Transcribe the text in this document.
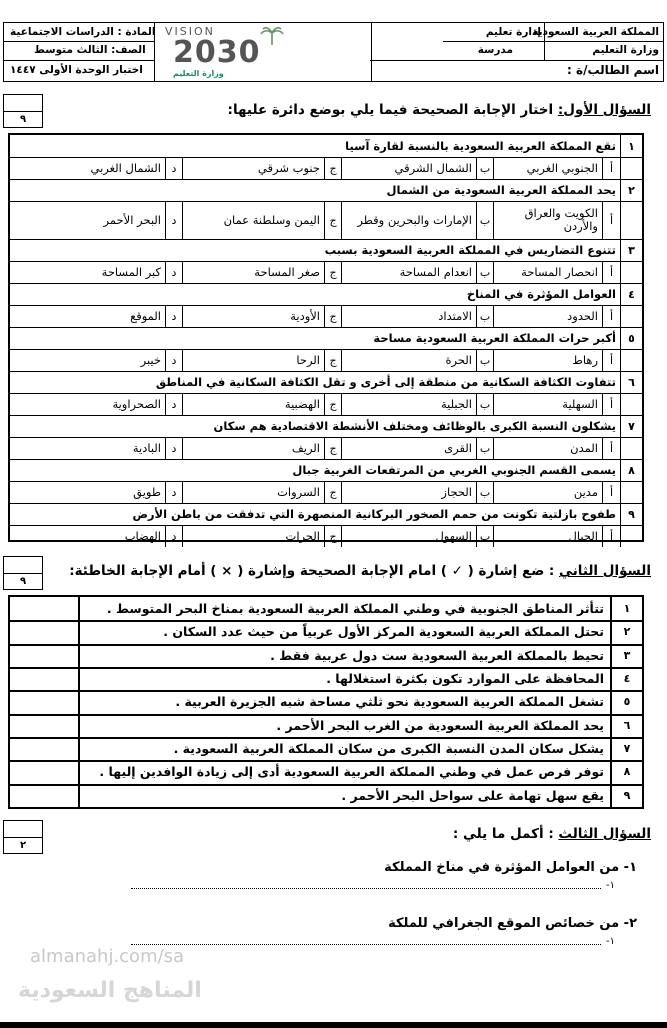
المملكة العربية السعودية
وزارة التعليم
اسم الطالب/ة :
إدارة تعليم
مدرسة
VISION
2030
وزارة التعليم
المادة : الدراسات الاجتماعية
الصف: الثالث متوسط
اختبار الوحدة الأولى ١٤٤٧
٩
السؤال الأول: اختار الإجابة الصحيحة فيما يلي بوضع دائرة عليها:
١
تقع المملكة العربية السعودية بالنسبة لقارة آسيا
أ
الجنوبي الغربي
ب
الشمال الشرقي
ج
جنوب شرقي
د
الشمال الغربي
٢
يحد المملكة العربية السعودية من الشمال
أ
الكويت والعراق والأردن
ب
الإمارات والبحرين وقطر
ج
اليمن وسلطنة عمان
د
البحر الأحمر
٣
تتنوع التضاريس في المملكة العربية السعودية بسبب
أ
انحصار المساحة
ب
انعدام المساحة
ج
صغر المساحة
د
كبر المساحة
٤
العوامل المؤثرة في المناخ
أ
الحدود
ب
الامتداد
ج
الأودية
د
الموقع
٥
أكبر حرات المملكة العربية السعودية مساحة
أ
رهاط
ب
الحرة
ج
الرحا
د
خيبر
٦
تتفاوت الكثافة السكانية من منطقة إلى أخرى و تقل الكثافة السكانية في المناطق
أ
السهلية
ب
الجبلية
ج
الهضبية
د
الصحراوية
٧
يشكلون النسبة الكبرى بالوظائف ومختلف الأنشطة الاقتصادية هم سكان
أ
المدن
ب
القرى
ج
الريف
د
البادية
٨
يسمى القسم الجنوبي الغربي من المرتفعات الغربية جبال
أ
مدين
ب
الحجاز
ج
السروات
د
طويق
٩
طفوح بازلتية تكونت من حمم الصخور البركانية المنصهرة التي تدفقت من باطن الأرض
أ
الجبال
ب
السهول
ج
الحرات
د
الهضاب
٩
السؤال الثاني : ضع إشارة ( ✓ ) امام الإجابة الصحيحة وإشارة ( × ) أمام الإجابة الخاطئة:
١
تتأثر المناطق الجنوبية في وطني المملكة العربية السعودية بمناخ البحر المتوسط .
٢
تحتل المملكة العربية السعودية المركز الأول عربياً من حيث عدد السكان .
٣
تحيط بالمملكة العربية السعودية ست دول عربية فقط .
٤
المحافظة على الموارد تكون بكثرة استغلالها .
٥
تشغل المملكة العربية السعودية نحو ثلثي مساحة شبه الجزيرة العربية .
٦
يحد المملكة العربية السعودية من الغرب البحر الأحمر .
٧
يشكل سكان المدن النسبة الكبرى من سكان المملكة العربية السعودية .
٨
توفر فرص عمل في وطني المملكة العربية السعودية أدى إلى زيادة الوافدين إليها .
٩
يقع سهل تهامة على سواحل البحر الأحمر .
٢
السؤال الثالث : أكمل ما يلي :
١- من العوامل المؤثرة في مناخ المملكة
١-
٢- من خصائص الموقع الجغرافي للملكة
١-
almanahj.com/sa
المناهج السعودية
